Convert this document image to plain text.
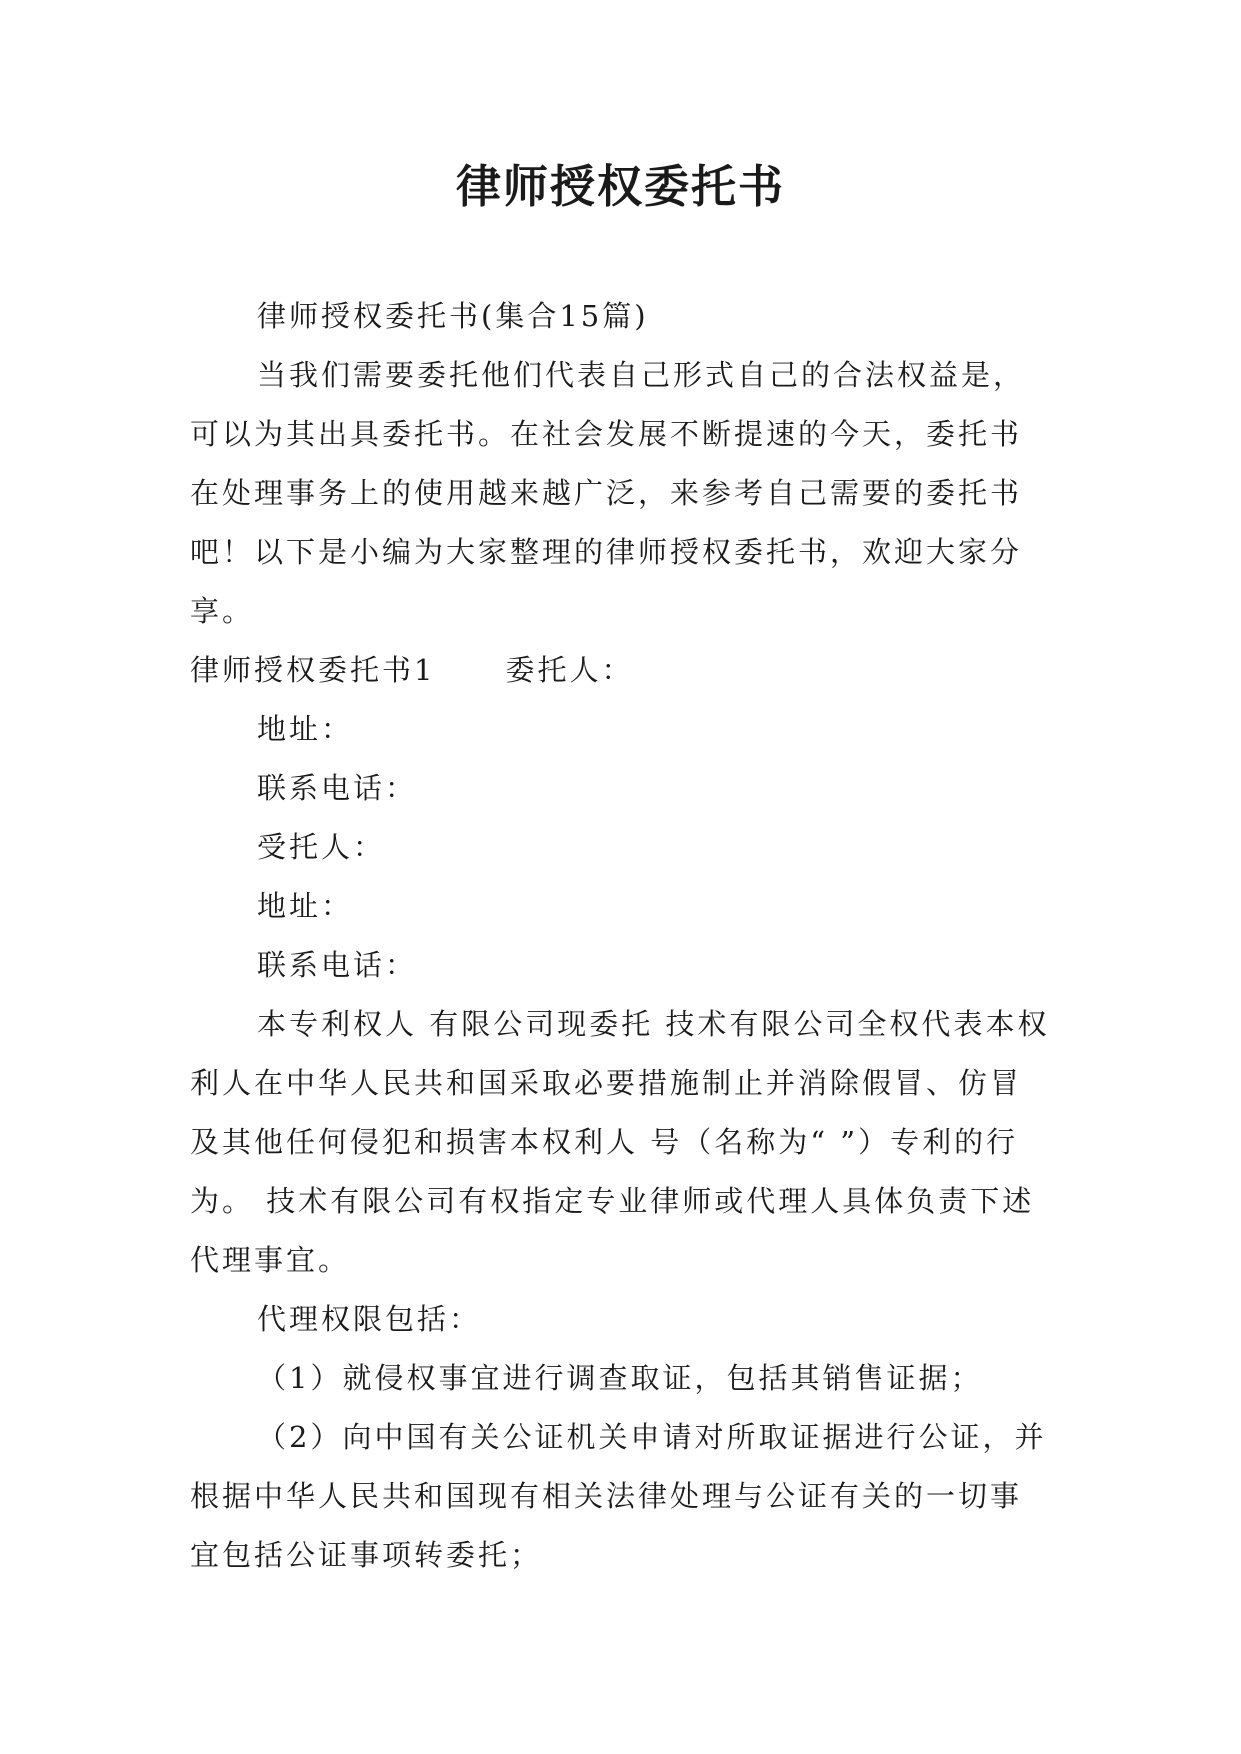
律师授权委托书

律师授权委托书(集合15篇)

当我们需要委托他们代表自己形式自己的合法权益是，可以为其出具委托书。在社会发展不断提速的今天，委托书在处理事务上的使用越来越广泛，来参考自己需要的委托书吧！以下是小编为大家整理的律师授权委托书，欢迎大家分享。

律师授权委托书1 委托人：

地址：

联系电话：

受托人：

地址：

联系电话：

本专利权人 有限公司现委托 技术有限公司全权代表本权利人在中华人民共和国采取必要措施制止并消除假冒、仿冒及其他任何侵犯和损害本权利人 号（名称为“ ”）专利的行为。 技术有限公司有权指定专业律师或代理人具体负责下述代理事宜。

代理权限包括：

（1）就侵权事宜进行调查取证，包括其销售证据；

（2）向中国有关公证机关申请对所取证据进行公证，并根据中华人民共和国现有相关法律处理与公证有关的一切事宜包括公证事项转委托；
